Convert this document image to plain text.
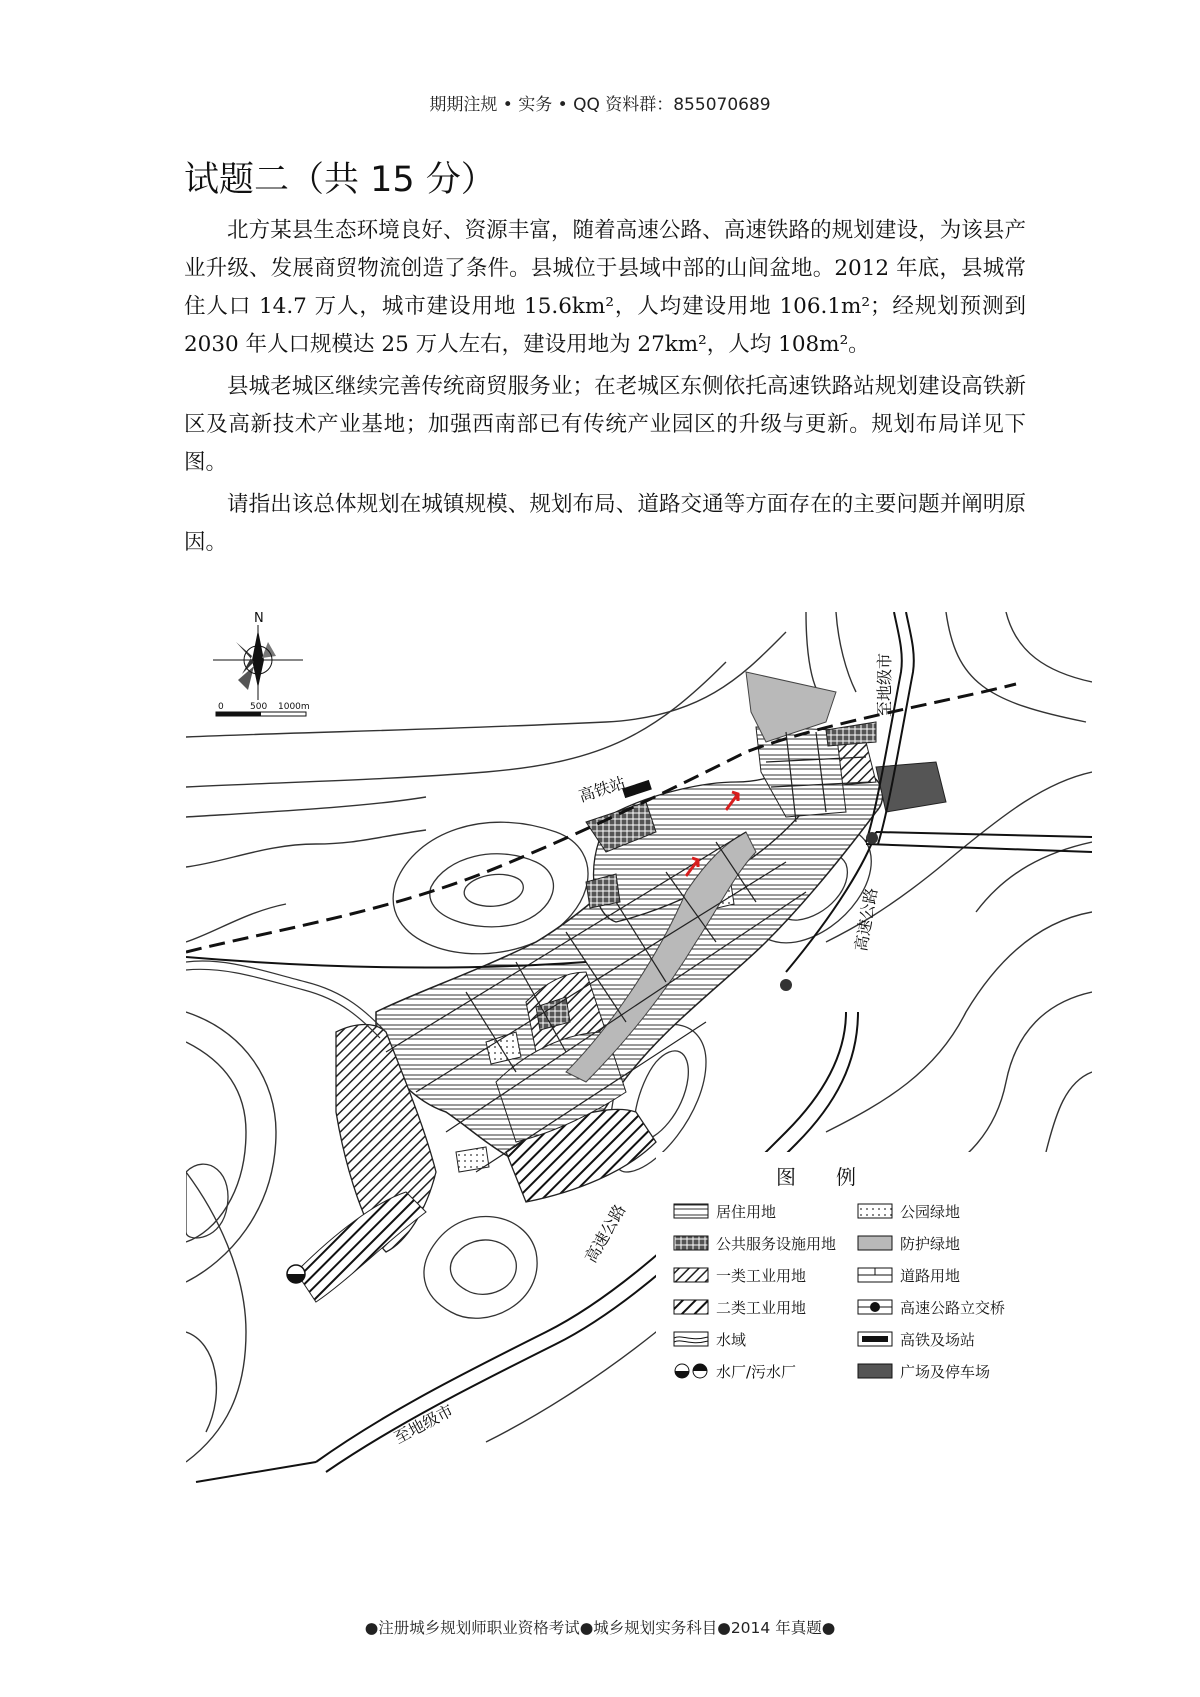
期期注规 • 实务 • QQ 资料群：855070689
试题二（共 15 分）

北方某县生态环境良好、资源丰富，随着高速公路、高速铁路的规划建设，为该县产业升级、发展商贸物流创造了条件。县城位于县域中部的山间盆地。2012 年底，县城常住人口 14.7 万人，城市建设用地 15.6km²，人均建设用地 106.1m²；经规划预测到 2030 年人口规模达 25 万人左右，建设用地为 27km²，人均 108m²。

县城老城区继续完善传统商贸服务业；在老城区东侧依托高速铁路站规划建设高铁新区及高新技术产业基地；加强西南部已有传统产业园区的升级与更新。规划布局详见下图。

请指出该总体规划在城镇规模、规划布局、道路交通等方面存在的主要问题并阐明原因。

N
0	500 1000m
高铁站
至地级市
高速公路
高速公路
至地级市
图　　例
居住用地	公园绿地
公共服务设施用地	防护绿地
一类工业用地	道路用地
二类工业用地	高速公路立交桥
水域	高铁及场站
水厂/污水厂	广场及停车场
●注册城乡规划师职业资格考试●城乡规划实务科目●2014 年真题●
